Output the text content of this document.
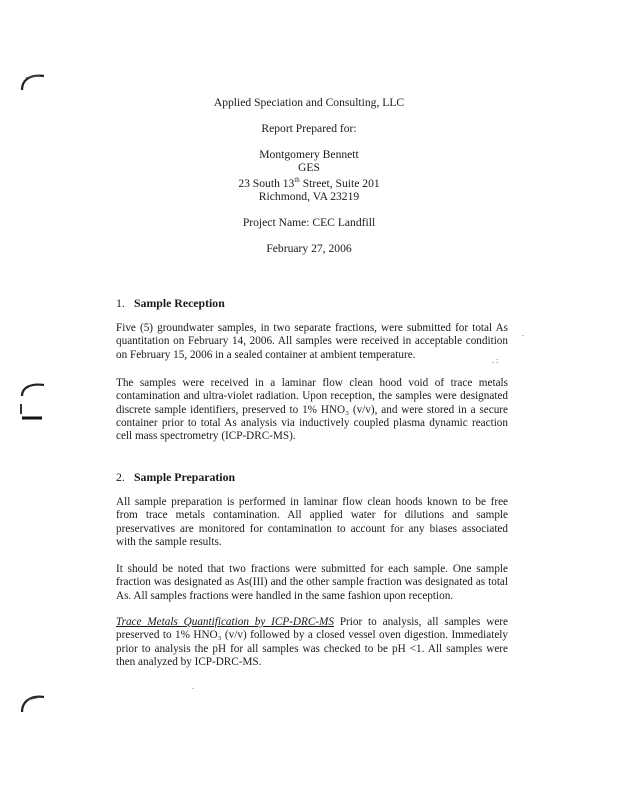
Applied Speciation and Consulting, LLC

Report Prepared for:

Montgomery Bennett
GES
23 South 13th Street, Suite 201
Richmond, VA 23219

Project Name: CEC Landfill

February 27, 2006
1. Sample Reception
Five (5) groundwater samples, in two separate fractions, were submitted for total As quantitation on February 14, 2006. All samples were received in acceptable condition on February 15, 2006 in a sealed container at ambient temperature.
The samples were received in a laminar flow clean hood void of trace metals contamination and ultra-violet radiation. Upon reception, the samples were designated discrete sample identifiers, preserved to 1% HNO₃ (v/v), and were stored in a secure container prior to total As analysis via inductively coupled plasma dynamic reaction cell mass spectrometry (ICP-DRC-MS).
2. Sample Preparation
All sample preparation is performed in laminar flow clean hoods known to be free from trace metals contamination. All applied water for dilutions and sample preservatives are monitored for contamination to account for any biases associated with the sample results.
It should be noted that two fractions were submitted for each sample. One sample fraction was designated as As(III) and the other sample fraction was designated as total As. All samples fractions were handled in the same fashion upon reception.
Trace Metals Quantification by ICP-DRC-MS Prior to analysis, all samples were preserved to 1% HNO₃ (v/v) followed by a closed vessel oven digestion. Immediately prior to analysis the pH for all samples was checked to be pH <1. All samples were then analyzed by ICP-DRC-MS.
.
. :
.
